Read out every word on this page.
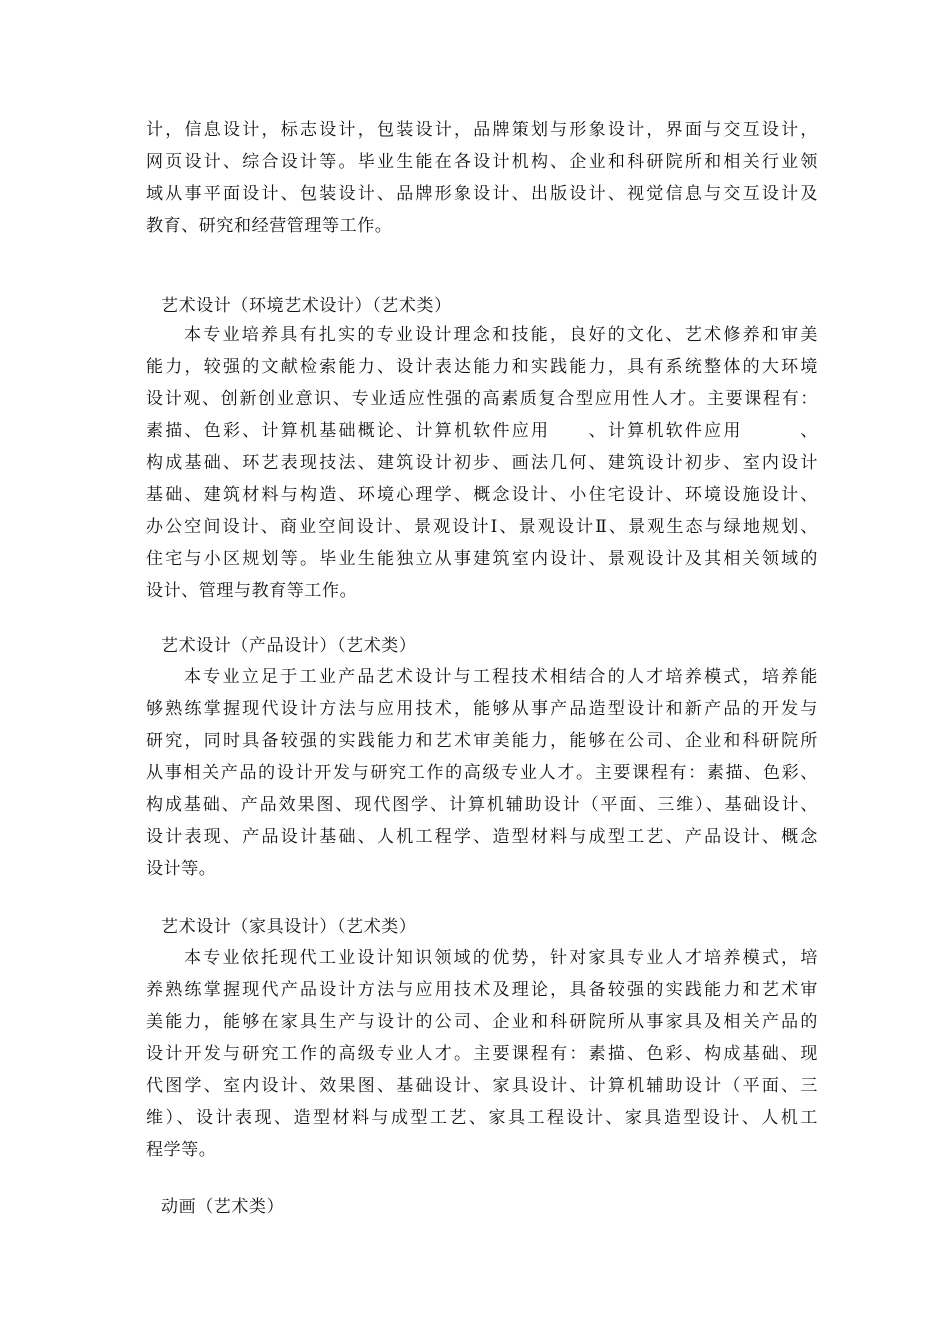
计，信息设计，标志设计，包装设计，品牌策划与形象设计，界面与交互设计，
网页设计、综合设计等。毕业生能在各设计机构、企业和科研院所和相关行业领
域从事平面设计、包装设计、品牌形象设计、出版设计、视觉信息与交互设计及
教育、研究和经营管理等工作。
艺术设计（环境艺术设计）（艺术类）
本专业培养具有扎实的专业设计理念和技能，良好的文化、艺术修养和审美
能力，较强的文献检索能力、设计表达能力和实践能力，具有系统整体的大环境
设计观、创新创业意识、专业适应性强的高素质复合型应用性人才。主要课程有：
素描、色彩、计算机基础概论、计算机软件应用　　、计算机软件应用　　　、
构成基础、环艺表现技法、建筑设计初步、画法几何、建筑设计初步、室内设计
基础、建筑材料与构造、环境心理学、概念设计、小住宅设计、环境设施设计、
办公空间设计、商业空间设计、景观设计Ⅰ、景观设计Ⅱ、景观生态与绿地规划、
住宅与小区规划等。毕业生能独立从事建筑室内设计、景观设计及其相关领域的
设计、管理与教育等工作。
艺术设计（产品设计）（艺术类）
本专业立足于工业产品艺术设计与工程技术相结合的人才培养模式，培养能
够熟练掌握现代设计方法与应用技术，能够从事产品造型设计和新产品的开发与
研究，同时具备较强的实践能力和艺术审美能力，能够在公司、企业和科研院所
从事相关产品的设计开发与研究工作的高级专业人才。主要课程有：素描、色彩、
构成基础、产品效果图、现代图学、计算机辅助设计（平面、三维）、基础设计、
设计表现、产品设计基础、人机工程学、造型材料与成型工艺、产品设计、概念
设计等。
艺术设计（家具设计）（艺术类）
本专业依托现代工业设计知识领域的优势，针对家具专业人才培养模式，培
养熟练掌握现代产品设计方法与应用技术及理论，具备较强的实践能力和艺术审
美能力，能够在家具生产与设计的公司、企业和科研院所从事家具及相关产品的
设计开发与研究工作的高级专业人才。主要课程有：素描、色彩、构成基础、现
代图学、室内设计、效果图、基础设计、家具设计、计算机辅助设计（平面、三
维）、设计表现、造型材料与成型工艺、家具工程设计、家具造型设计、人机工
程学等。
动画（艺术类）
